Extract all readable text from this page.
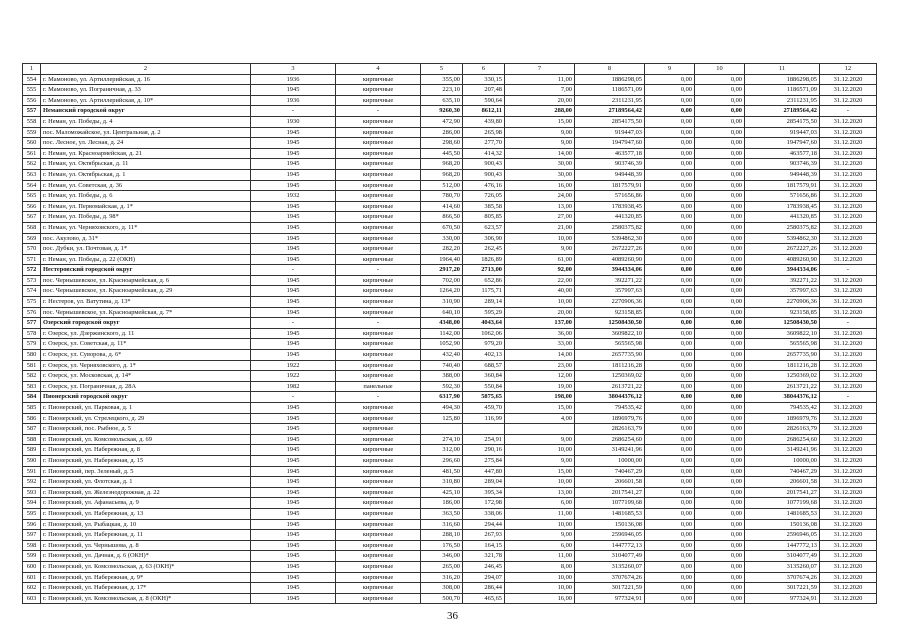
1	2	3	4	5	6	7	8	9	10	11	12
554	г. Мамоново, ул. Артиллерийская, д. 16	1936	кирпичные	355,00	330,15	11,00	1886298,05	0,00	0,00	1886298,05	31.12.2020
555	г. Мамоново, ул. Пограничная, д. 33	1945	кирпичные	223,10	207,48	7,00	1186571,09	0,00	0,00	1186571,09	31.12.2020
556	г. Мамоново, ул. Артиллерийская, д. 10*	1936	кирпичные	635,10	590,64	20,00	2311231,95	0,00	0,00	2311231,95	31.12.2020
557	Неманский городской округ	-	-	9260,30	8612,11	288,00	27189564,42	0,00	0,00	27189564,42	-
558	г. Неман, ул. Победы, д. 4	1930	кирпичные	472,90	439,80	15,00	2854175,50	0,00	0,00	2854175,50	31.12.2020
559	пос. Маломожайское, ул. Центральная, д. 2	1945	кирпичные	286,00	265,98	9,00	919447,03	0,00	0,00	919447,03	31.12.2020
560	пос. Лесное, ул. Лесная, д. 24	1945	кирпичные	298,60	277,70	9,00	1947947,60	0,00	0,00	1947947,60	31.12.2020
561	г. Неман, ул. Красноармейская, д. 21	1945	кирпичные	445,50	414,32	14,00	463577,18	0,00	0,00	463577,18	31.12.2020
562	г. Неман, ул. Октябрьская, д. 11	1945	кирпичные	968,20	900,43	30,00	903746,39	0,00	0,00	903746,39	31.12.2020
563	г. Неман, ул. Октябрьская, д. 1	1945	кирпичные	968,20	900,43	30,00	949448,39	0,00	0,00	949448,39	31.12.2020
564	г. Неман, ул. Советская, д. 36	1945	кирпичные	512,00	476,16	16,00	1817579,91	0,00	0,00	1817579,91	31.12.2020
565	г. Неман, ул. Победы, д. 6	1932	кирпичные	780,70	726,05	24,00	571656,86	0,00	0,00	571656,86	31.12.2020
566	г. Неман, ул. Первомайская, д. 1*	1945	кирпичные	414,60	385,58	13,00	1783938,45	0,00	0,00	1783938,45	31.12.2020
567	г. Неман, ул. Победы, д. 98*	1945	кирпичные	866,50	805,85	27,00	441320,85	0,00	0,00	441320,85	31.12.2020
568	г. Неман, ул. Черняховского, д. 11*	1945	кирпичные	670,50	623,57	21,00	2580375,82	0,00	0,00	2580375,82	31.12.2020
569	пос. Акулово, д. 31*	1945	кирпичные	330,00	306,90	10,00	5394862,30	0,00	0,00	5394862,30	31.12.2020
570	пос. Дубки, ул. Почтовая, д. 1*	1945	кирпичные	282,20	262,45	9,00	2672227,26	0,00	0,00	2672227,26	31.12.2020
571	г. Неман, ул. Победы, д. 22 (ОКН)	1945	кирпичные	1964,40	1826,89	61,00	4089260,90	0,00	0,00	4089260,90	31.12.2020
572	Нестеровский городской округ	-	-	2917,20	2713,00	92,00	3944334,06	0,00	0,00	3944334,06	-
573	пос. Чернышевское, ул. Красноармейская, д. 6	1945	кирпичные	702,00	652,86	22,00	392271,22	0,00	0,00	392271,22	31.12.2020
574	пос. Чернышевское, ул. Красноармейская, д. 29	1945	кирпичные	1264,20	1175,71	40,00	357997,63	0,00	0,00	357997,63	31.12.2020
575	г. Нестеров, ул. Ватутина, д. 13*	1945	кирпичные	310,90	289,14	10,00	2270906,36	0,00	0,00	2270906,36	31.12.2020
576	пос. Чернышевское, ул. Красноармейская, д. 7*	1945	кирпичные	640,10	595,29	20,00	923158,85	0,00	0,00	923158,85	31.12.2020
577	Озерский городской округ	-	-	4348,00	4043,64	137,00	12508430,50	0,00	0,00	12508430,50	-
578	г. Озерск, ул. Дзержинского, д. 11	1945	кирпичные	1142,00	1062,06	36,00	3609822,10	0,00	0,00	3609822,10	31.12.2020
579	г. Озерск, ул. Советская, д. 11*	1945	кирпичные	1052,90	979,20	33,00	565565,98	0,00	0,00	565565,98	31.12.2020
580	г. Озерск, ул. Суворова, д. 6*	1945	кирпичные	432,40	402,13	14,00	2657735,90	0,00	0,00	2657735,90	31.12.2020
581	г. Озерск, ул. Черняховского, д. 1*	1922	кирпичные	740,40	688,57	23,00	1811216,28	0,00	0,00	1811216,28	31.12.2020
582	г. Озерск, ул. Московская, д. 14*	1922	кирпичные	388,00	360,84	12,00	1250369,02	0,00	0,00	1250369,02	31.12.2020
583	г. Озерск, ул. Пограничная, д. 28А	1982	панельные	592,30	550,84	19,00	2613721,22	0,00	0,00	2613721,22	31.12.2020
584	Пионерский городской округ	-	-	6317,90	5875,65	198,00	38044376,12	0,00	0,00	38044376,12	-
585	г. Пионерский, ул. Парковая, д. 1	1945	кирпичные	494,30	459,70	15,00	794535,42	0,00	0,00	794535,42	31.12.2020
586	г. Пионерский, ул. Стрелецкого, д. 29	1945	кирпичные	125,80	116,99	4,00	1896979,76	0,00	0,00	1896979,76	31.12.2020
587	г. Пионерский, пос. Рыбное, д. 5	1945	кирпичные				2826163,79	0,00	0,00	2826163,79	31.12.2020
588	г. Пионерский, ул. Комсомольская, д. 69	1945	кирпичные	274,10	254,91	9,00	2686254,60	0,00	0,00	2686254,60	31.12.2020
589	г. Пионерский, ул. Набережная, д. 8	1945	кирпичные	312,00	290,16	10,00	3149241,96	0,00	0,00	3149241,96	31.12.2020
590	г. Пионерский, ул. Набережная, д. 15	1945	кирпичные	296,60	275,84	9,00	10000,00	0,00	0,00	10000,00	31.12.2020
591	г. Пионерский, пер. Зеленый, д. 5	1945	кирпичные	481,50	447,80	15,00	740467,29	0,00	0,00	740467,29	31.12.2020
592	г. Пионерский, ул. Флотская, д. 1	1945	кирпичные	310,80	289,04	10,00	206601,58	0,00	0,00	206601,58	31.12.2020
593	г. Пионерский, ул. Железнодорожная, д. 22	1945	кирпичные	425,10	395,34	13,00	2017541,27	0,00	0,00	2017541,27	31.12.2020
594	г. Пионерский, ул. Афанасьева, д. 9	1945	кирпичные	186,00	172,98	6,00	1077199,68	0,00	0,00	1077199,68	31.12.2020
595	г. Пионерский, ул. Набережная, д. 13	1945	кирпичные	363,50	338,06	11,00	1481685,53	0,00	0,00	1481685,53	31.12.2020
596	г. Пионерский, ул. Рыбацкая, д. 10	1945	кирпичные	316,60	294,44	10,00	150136,08	0,00	0,00	150136,08	31.12.2020
597	г. Пионерский, ул. Набережная, д. 11	1945	кирпичные	288,10	267,93	9,00	2596946,05	0,00	0,00	2596946,05	31.12.2020
598	г. Пионерский, ул. Чернышова, д. 8	1945	кирпичные	176,50	164,15	6,00	1447772,13	0,00	0,00	1447772,13	31.12.2020
599	г. Пионерский, ул. Дачная, д. 6 (ОКН)*	1945	кирпичные	346,00	321,78	11,00	3104077,49	0,00	0,00	3104077,49	31.12.2020
600	г. Пионерский, ул. Комсомольская, д. 63 (ОКН)*	1945	кирпичные	265,00	246,45	8,00	3135260,07	0,00	0,00	3135260,07	31.12.2020
601	г. Пионерский, ул. Набережная, д. 9*	1945	кирпичные	316,20	294,07	10,00	3707674,26	0,00	0,00	3707674,26	31.12.2020
602	г. Пионерский, ул. Набережная, д. 17*	1945	кирпичные	308,00	286,44	10,00	3017221,59	0,00	0,00	3017221,59	31.12.2020
603	г. Пионерский, ул. Комсомольская, д. 8 (ОКН)*	1945	кирпичные	500,70	465,65	16,00	977324,91	0,00	0,00	977324,91	31.12.2020
36
